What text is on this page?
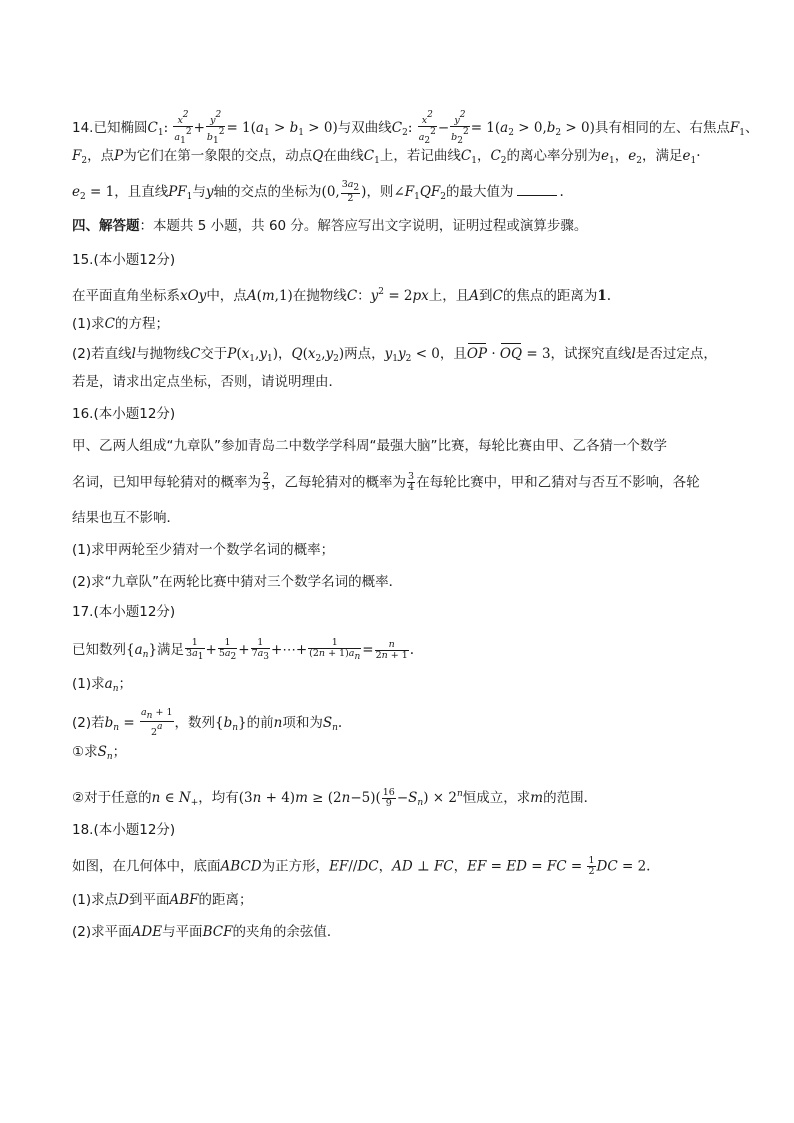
14.已知椭圆$C_1$: $\frac{x2}{a12} + \frac{y2}{b12} = 1(a_1 > b_1 > 0)$与双曲线$C_2$: $\frac{x2}{a22} - \frac{y2}{b22} = 1(a_2 > 0,b_2 > 0)$具有相同的左、右焦点$F_1$、
$F_2$，点P为它们在第一象限的交点，动点Q在曲线$C_1$上，若记曲线$C_1$，$C_2$的离心率分别为$e_1$，$e_2$，满足$e_1\cdot$
$e_2 = 1$，且直线$PF_1$与y轴的交点的坐标为(0, $\frac{3a2}{2}$ )，则$\angle F_1QF_2$的最大值为	.
四、解答题：本题共 5 小题，共 60 分。解答应写出文字说明，证明过程或演算步骤。
15.(本小题12分)
在平面直角坐标系xOy中，点A(m,1)在抛物线C：$y^2 = 2px$上，且A到C的焦点的距离为1.
(1)求C的方程；
(2)若直线l与抛物线C交于$P(x_1,y_1)$，$Q(x_2,y_2)$两点，$y_1y_2 < 0$，且OP · OQ = 3，试探究直线l是否过定点，
若是，请求出定点坐标，否则，请说明理由．
16.(本小题12分)
甲、乙两人组成“九章队”参加青岛二中数学学科周“最强大脑”比赛，每轮比赛由甲、乙各猜一个数学
名词，已知甲每轮猜对的概率为 $\frac{2}{3}$ ，乙每轮猜对的概率为 $\frac{3}{4}$ 在每轮比赛中，甲和乙猜对与否互不影响，各轮
结果也互不影响．
(1)求甲两轮至少猜对一个数学名词的概率；
(2)求“九章队”在两轮比赛中猜对三个数学名词的概率．
17.(本小题12分)
已知数列$\{a_n\}$满足 $\frac{1}{3a1} + \frac{1}{5a2} + \frac{1}{7a3}$ +⋯+ $\frac{1}{(2n + 1)an} = \frac{n}{2n + 1}$ .
(1)求$a_n$；
(2)若$b_n = \frac{an + 1}{2a}$ ，数列$\{b_n\}$的前n项和为$S_n$.
①求$S_n$；
②对于任意的n ∈ $N_+$，均有$(3n + 4)m \ge (2n-5)( \frac{16}{9} -S_n) \times 2^n$恒成立，求m的范围．
18.(本小题12分)
如图，在几何体中，底面ABCD为正方形，EF//DC，AD ⊥ FC，EF = ED = FC = $\frac{1}{2}$ DC = 2.
(1)求点D到平面ABF的距离；
(2)求平面ADE与平面BCF的夹角的余弦值．
